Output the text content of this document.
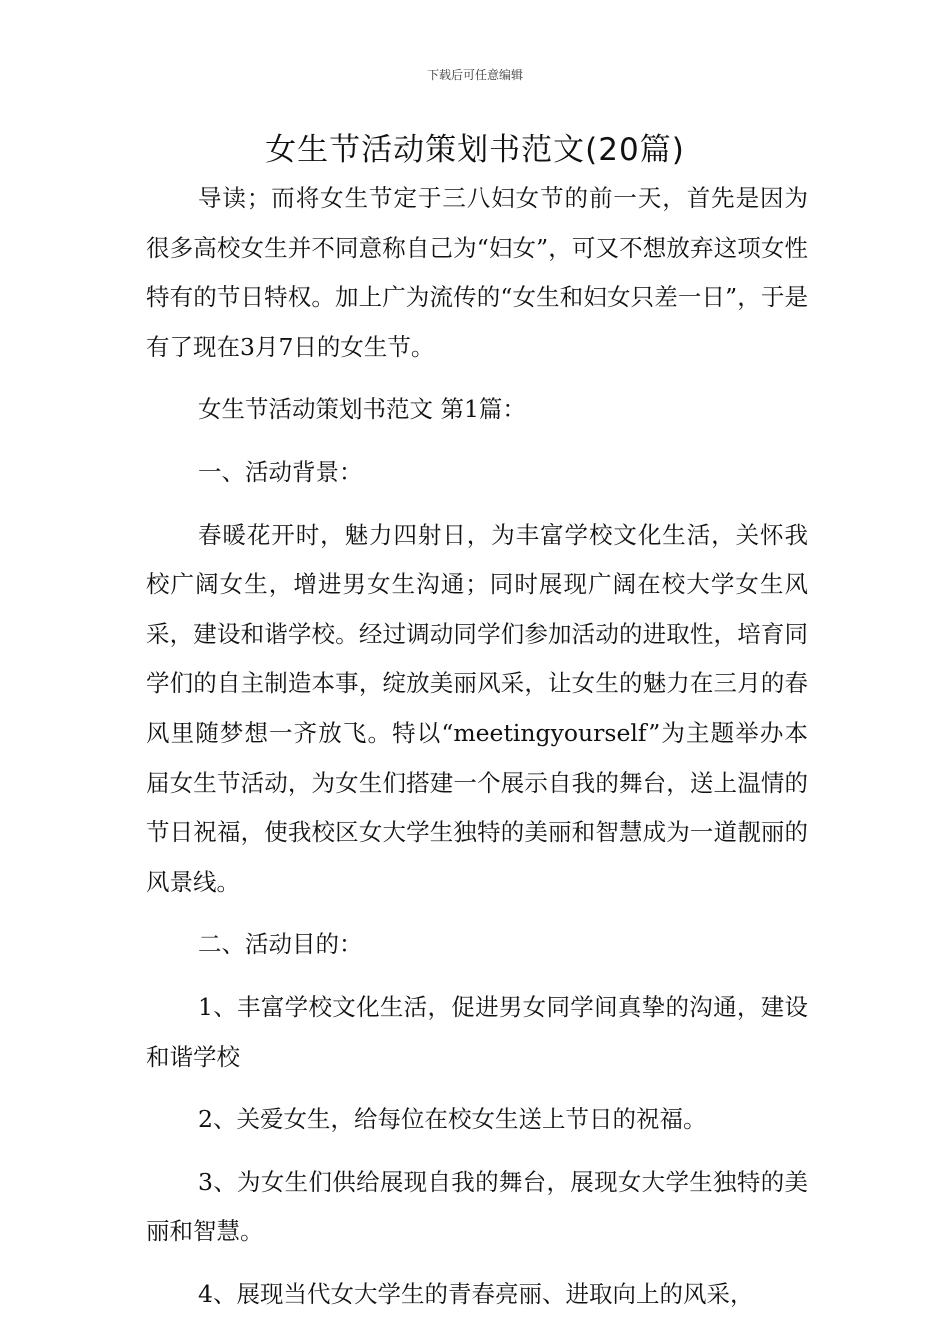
下载后可任意编辑
女生节活动策划书范文(20篇)

导读；而将女生节定于三八妇女节的前一天，首先是因为很多高校女生并不同意称自己为“妇女”，可又不想放弃这项女性特有的节日特权。加上广为流传的“女生和妇女只差一日”，于是有了现在3月7日的女生节。

女生节活动策划书范文 第1篇：

一、活动背景：

春暖花开时，魅力四射日，为丰富学校文化生活，关怀我校广阔女生，增进男女生沟通；同时展现广阔在校大学女生风采，建设和谐学校。经过调动同学们参加活动的进取性，培育同学们的自主制造本事，绽放美丽风采，让女生的魅力在三月的春风里随梦想一齐放飞。特以“meetingyourself”为主题举办本届女生节活动，为女生们搭建一个展示自我的舞台，送上温情的节日祝福，使我校区女大学生独特的美丽和智慧成为一道靓丽的风景线。

二、活动目的：

1、丰富学校文化生活，促进男女同学间真挚的沟通，建设和谐学校

2、关爱女生，给每位在校女生送上节日的祝福。

3、为女生们供给展现自我的舞台，展现女大学生独特的美丽和智慧。

4、展现当代女大学生的青春亮丽、进取向上的风采，
